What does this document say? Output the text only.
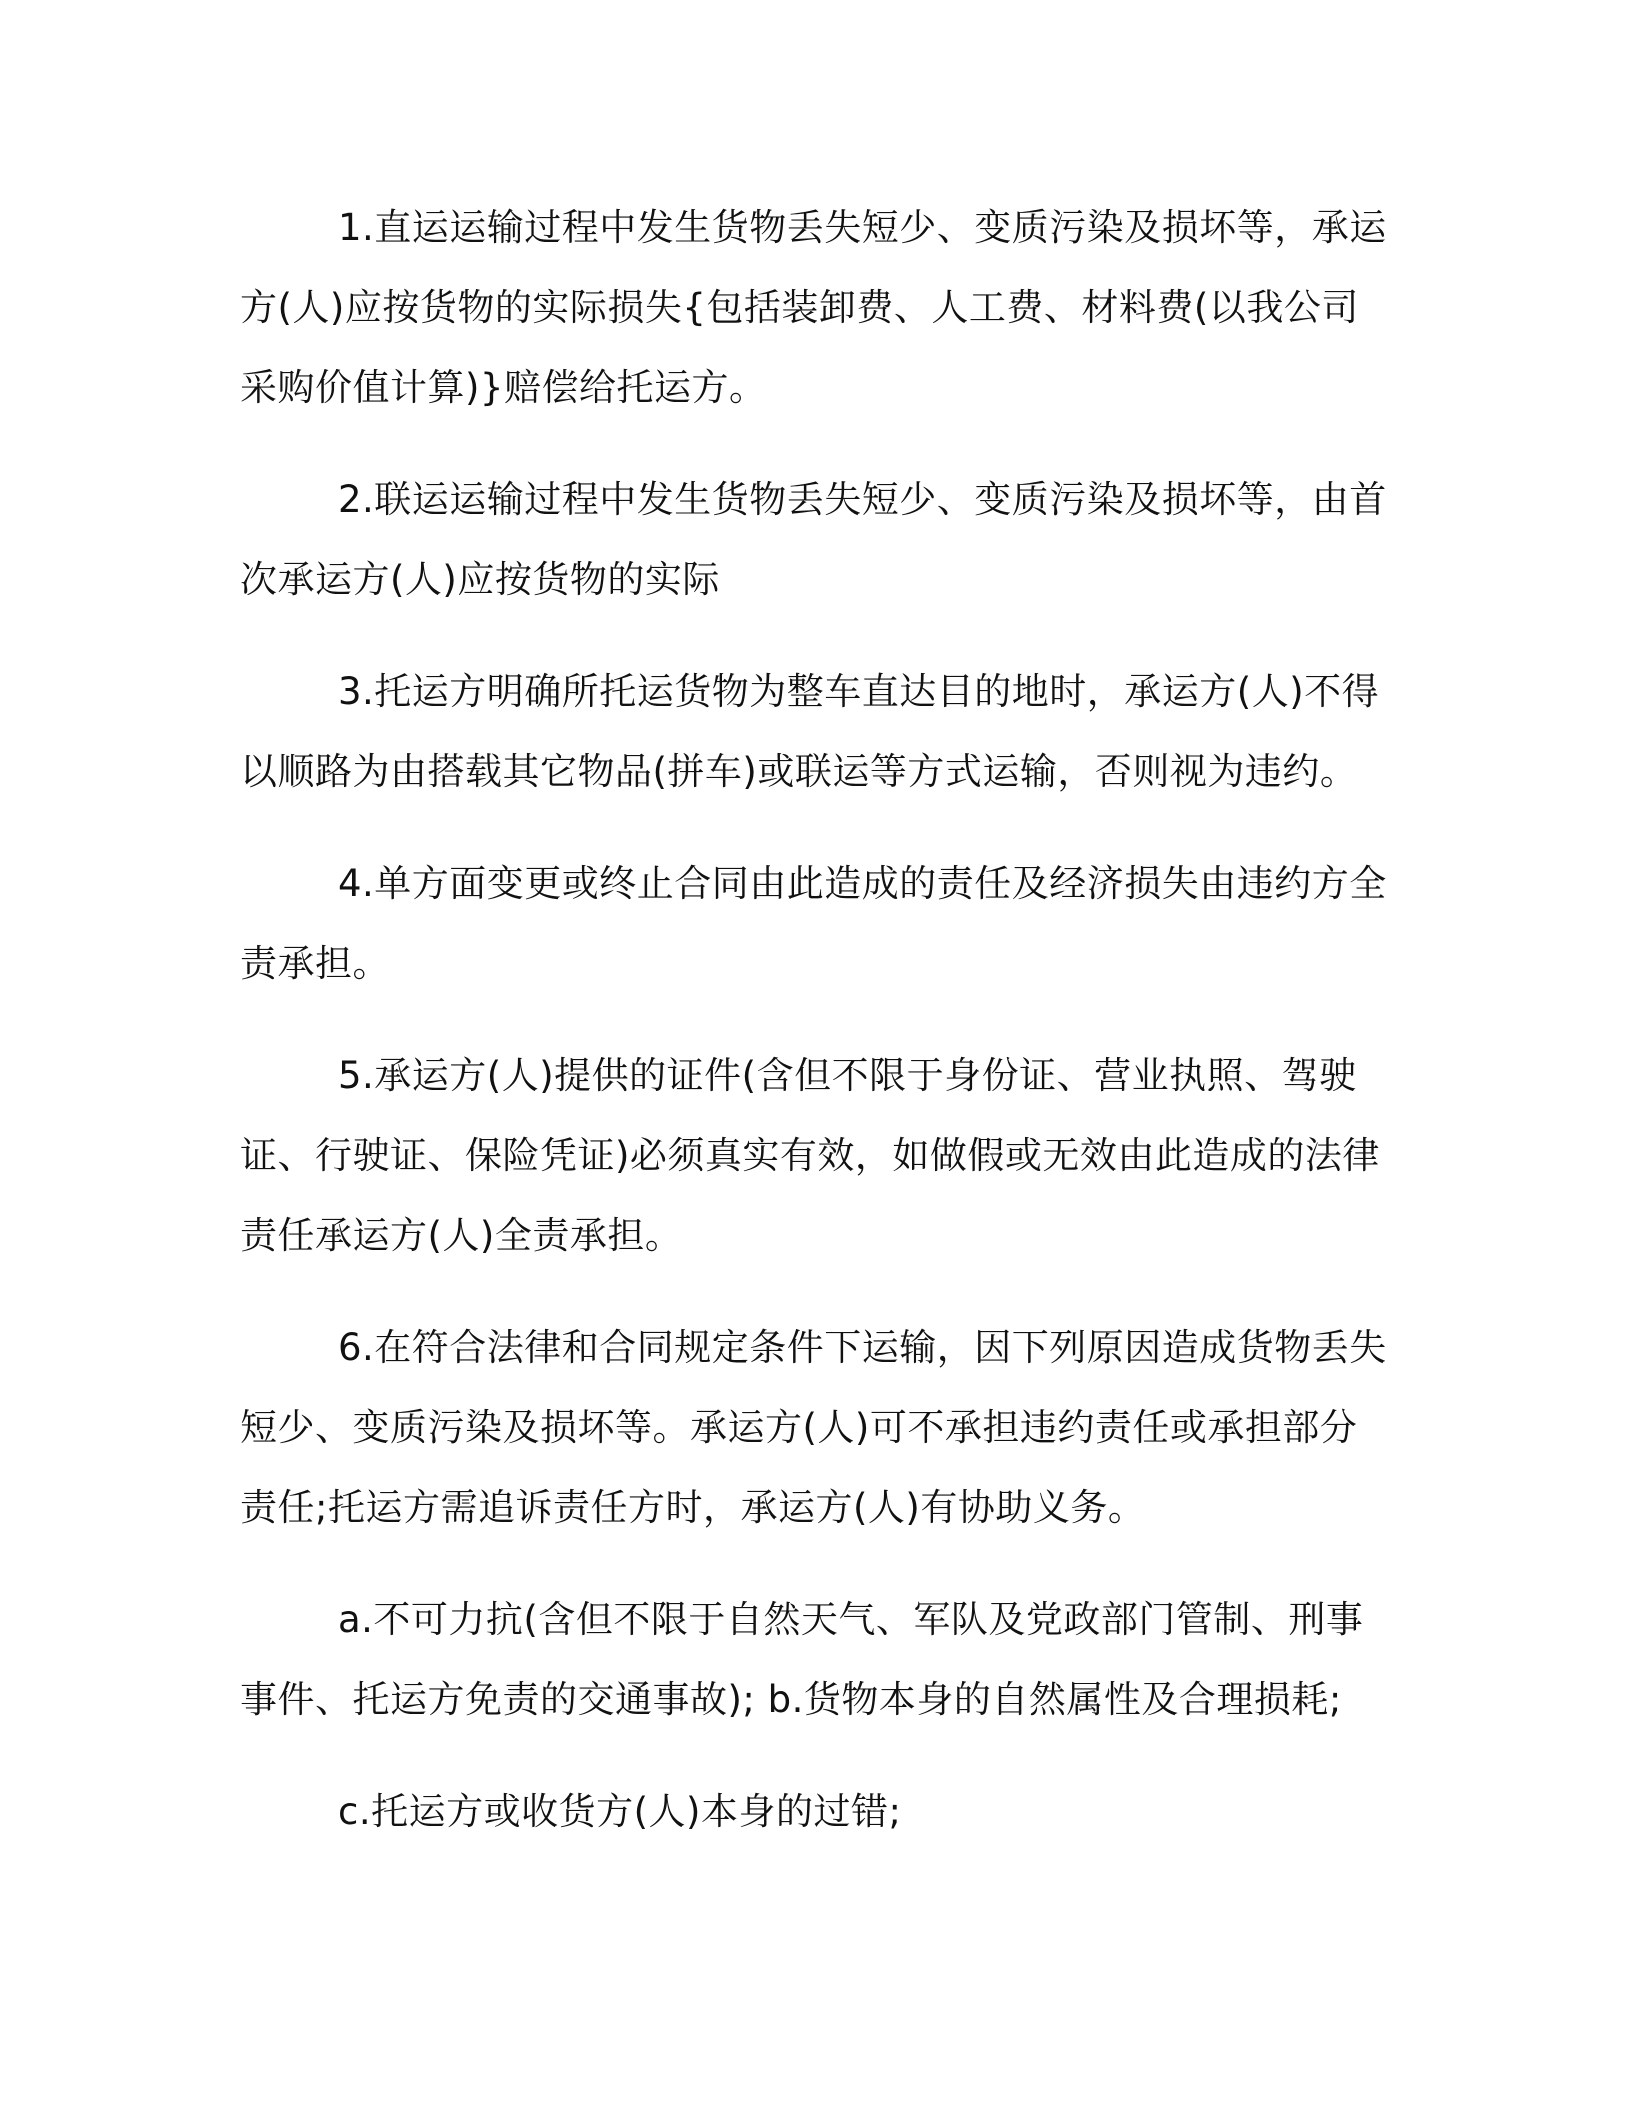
1.直运运输过程中发生货物丢失短少、变质污染及损坏等，承运方(人)应按货物的实际损失{包括装卸费、人工费、材料费(以我公司采购价值计算)}赔偿给托运方。

2.联运运输过程中发生货物丢失短少、变质污染及损坏等，由首次承运方(人)应按货物的实际

3.托运方明确所托运货物为整车直达目的地时，承运方(人)不得以顺路为由搭载其它物品(拼车)或联运等方式运输，否则视为违约。

4.单方面变更或终止合同由此造成的责任及经济损失由违约方全责承担。

5.承运方(人)提供的证件(含但不限于身份证、营业执照、驾驶证、行驶证、保险凭证)必须真实有效，如做假或无效由此造成的法律责任承运方(人)全责承担。

6.在符合法律和合同规定条件下运输，因下列原因造成货物丢失短少、变质污染及损坏等。承运方(人)可不承担违约责任或承担部分责任;托运方需追诉责任方时，承运方(人)有协助义务。

a.不可力抗(含但不限于自然天气、军队及党政部门管制、刑事事件、托运方免责的交通事故); b.货物本身的自然属性及合理损耗;

c.托运方或收货方(人)本身的过错;
